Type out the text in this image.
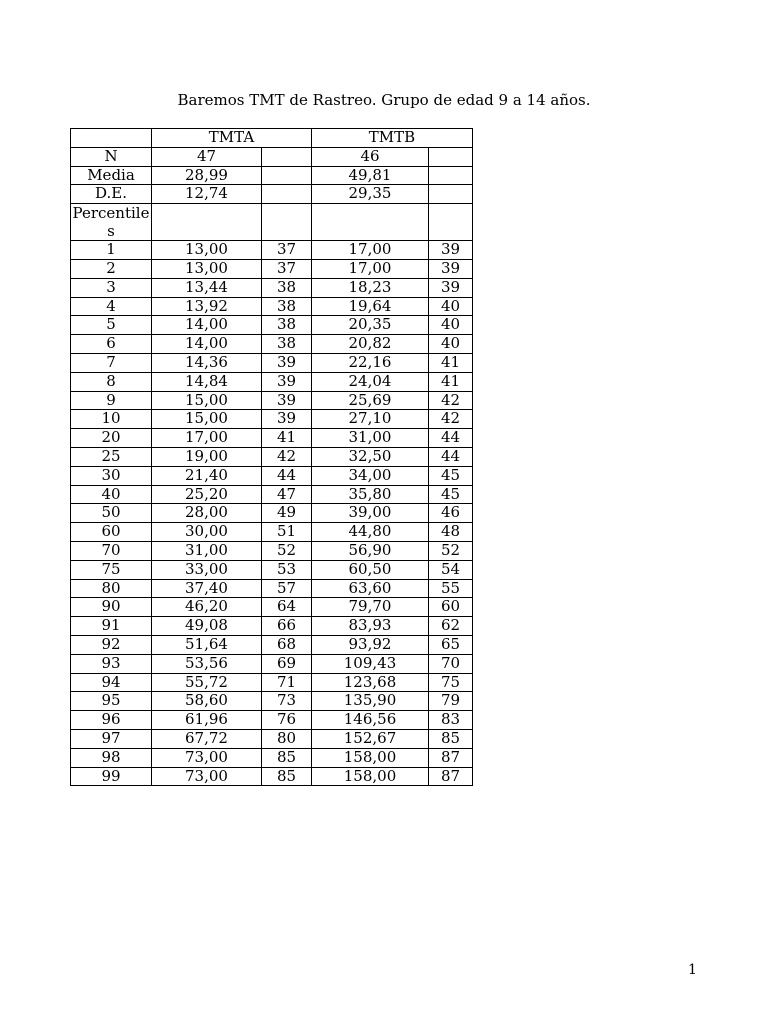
Baremos TMT de Rastreo. Grupo de edad 9 a 14 años.
	TMTA		TMTB	
N	47		46	
Media	28,99		49,81	
D.E.	12,74		29,35	
Percentiles				
1	13,00	37	17,00	39
2	13,00	37	17,00	39
3	13,44	38	18,23	39
4	13,92	38	19,64	40
5	14,00	38	20,35	40
6	14,00	38	20,82	40
7	14,36	39	22,16	41
8	14,84	39	24,04	41
9	15,00	39	25,69	42
10	15,00	39	27,10	42
20	17,00	41	31,00	44
25	19,00	42	32,50	44
30	21,40	44	34,00	45
40	25,20	47	35,80	45
50	28,00	49	39,00	46
60	30,00	51	44,80	48
70	31,00	52	56,90	52
75	33,00	53	60,50	54
80	37,40	57	63,60	55
90	46,20	64	79,70	60
91	49,08	66	83,93	62
92	51,64	68	93,92	65
93	53,56	69	109,43	70
94	55,72	71	123,68	75
95	58,60	73	135,90	79
96	61,96	76	146,56	83
97	67,72	80	152,67	85
98	73,00	85	158,00	87
99	73,00	85	158,00	87
1
